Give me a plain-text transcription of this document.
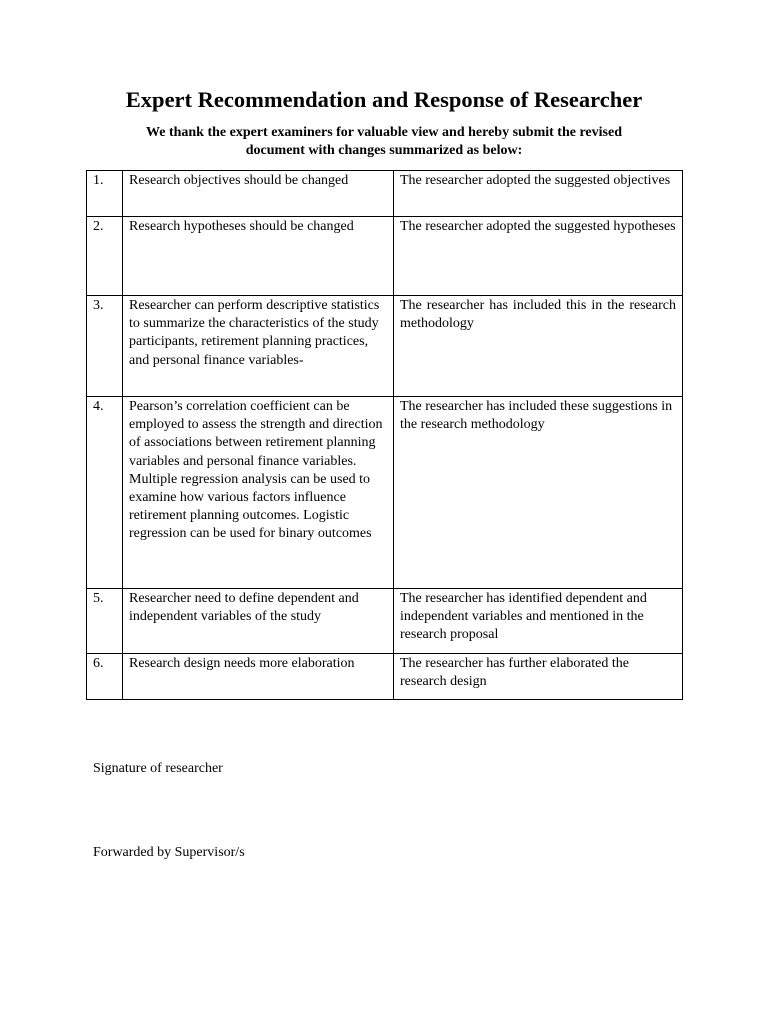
Expert Recommendation and Response of Researcher

We thank the expert examiners for valuable view and hereby submit the revised
document with changes summarized as below:

1.	Research objectives should be changed	The researcher adopted the suggested objectives
2.	Research hypotheses should be changed	The researcher adopted the suggested hypotheses
3.	Researcher can perform descriptive statistics to summarize the characteristics of the study participants, retirement planning practices, and personal finance variables-	The researcher has included this in the research methodology
4.	Pearson’s correlation coefficient can be employed to assess the strength and direction of associations between retirement planning variables and personal finance variables. Multiple regression analysis can be used to examine how various factors influence retirement planning outcomes. Logistic regression can be used for binary outcomes	The researcher has included these suggestions in the research methodology
5.	Researcher need to define dependent and independent variables of the study	The researcher has identified dependent and independent variables and mentioned in the research proposal
6.	Research design needs more elaboration	The researcher has further elaborated the research design

Signature of researcher

Forwarded by Supervisor/s
